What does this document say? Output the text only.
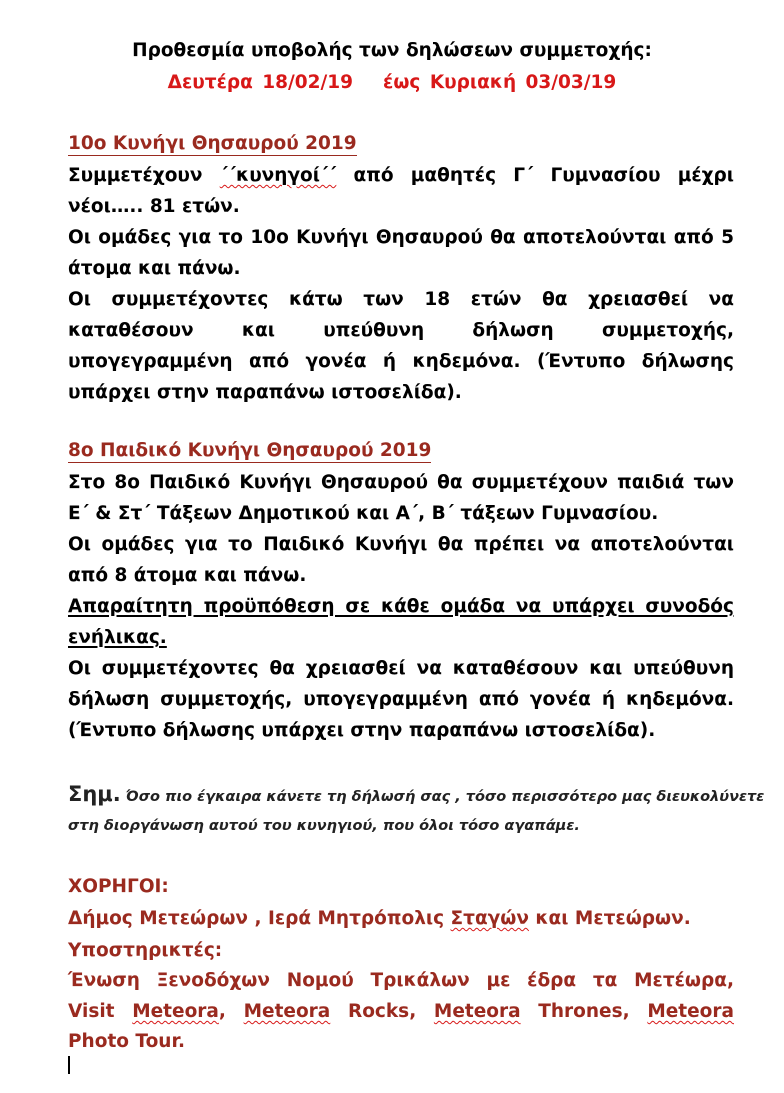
Προθεσμία υποβολής των δηλώσεων συμμετοχής:
Δευτέρα 18/02/19 έως Κυριακή 03/03/19
10ο Κυνήγι Θησαυρού 2019
Συμμετέχουν ΄΄κυνηγοί΄΄ από μαθητές Γ΄ Γυμνασίου μέχρι νέοι….. 81 ετών.
Οι ομάδες για το 10ο Κυνήγι Θησαυρού θα αποτελούνται από 5 άτομα και πάνω.
Οι συμμετέχοντες κάτω των 18 ετών θα χρειασθεί να καταθέσουν και υπεύθυνη δήλωση συμμετοχής, υπογεγραμμένη από γονέα ή κηδεμόνα. (Έντυπο δήλωσης υπάρχει στην παραπάνω ιστοσελίδα).
8ο Παιδικό Κυνήγι Θησαυρού 2019
Στο 8ο Παιδικό Κυνήγι Θησαυρού θα συμμετέχουν παιδιά των Ε΄ & Στ΄ Τάξεων Δημοτικού και Α΄, Β΄ τάξεων Γυμνασίου.
Οι ομάδες για το Παιδικό Κυνήγι θα πρέπει να αποτελούνται από 8 άτομα και πάνω.
Απαραίτητη προϋπόθεση σε κάθε ομάδα να υπάρχει συνοδός ενήλικας.
Οι συμμετέχοντες θα χρειασθεί να καταθέσουν και υπεύθυνη δήλωση συμμετοχής, υπογεγραμμένη από γονέα ή κηδεμόνα. (Έντυπο δήλωσης υπάρχει στην παραπάνω ιστοσελίδα).
Σημ. Όσο πιο έγκαιρα κάνετε τη δήλωσή σας , τόσο περισσότερο μας διευκολύνετε
στη διοργάνωση αυτού του κυνηγιού, που όλοι τόσο αγαπάμε.
ΧΟΡΗΓΟΙ:
Δήμος Μετεώρων , Ιερά Μητρόπολις Σταγών και Μετεώρων.
Υποστηρικτές:
Ένωση Ξενοδόχων Νομού Τρικάλων με έδρα τα Μετέωρα,
Visit Meteora, Meteora Rocks, Meteora Thrones, Meteora
Photo Tour.
